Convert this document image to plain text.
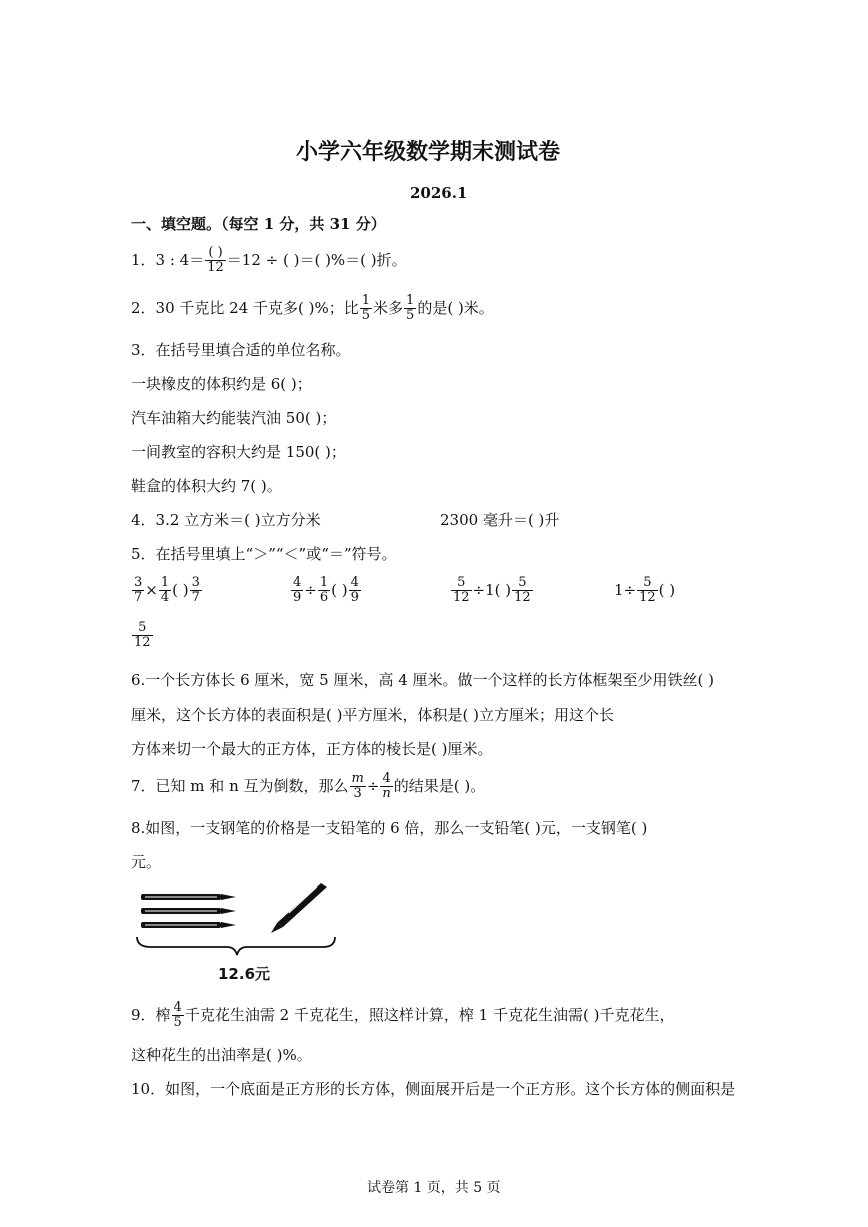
小学六年级数学期末测试卷
2026.1
一、填空题。（每空 1 分，共 31 分）
1．3 : $4= \frac{( )}{12} =12$ ÷ ( )＝( )%＝( )折。
2．30 千克比 24 千克多( )%；比 $\frac{1}{5}$ 米多 $\frac{1}{5}$ 的是( )米。
3．在括号里填合适的单位名称。
一块橡皮的体积约是 6( )；
汽车油箱大约能装汽油 50( )；
一间教室的容积大约是 150( )；
鞋盒的体积大约 7( )。
4．3.2 立方米＝( )立方分米	2300 毫升＝( )升
5．在括号里填上“＞”“＜”或“＝”符号。
$\frac{3}{7} \times \frac{1}{4}$ ( ) $\frac{3}{7}$	$\frac{4}{9} \div \frac{1}{6}$ ( ) $\frac{4}{9}$	$\frac{5}{12} \div 1$( ) $\frac{5}{12}$	$1\div \frac{5}{12}$ ( )
$\frac{5}{12}$
6.一个长方体长 6 厘米，宽 5 厘米，高 4 厘米。做一个这样的长方体框架至少用铁丝( )
厘米，这个长方体的表面积是( )平方厘米，体积是( )立方厘米；用这个长
方体来切一个最大的正方体，正方体的棱长是( )厘米。
7．已知 m 和 n 互为倒数，那么 $\frac{m}{3} \div \frac{4}{n}$ 的结果是( )。
8.如图，一支钢笔的价格是一支铅笔的 6 倍，那么一支铅笔( )元，一支钢笔( )
元。
12.6元
9．榨 $\frac{4}{5}$ 千克花生油需 2 千克花生，照这样计算，榨 1 千克花生油需( )千克花生，
这种花生的出油率是( )%。
10．如图，一个底面是正方形的长方体，侧面展开后是一个正方形。这个长方体的侧面积是
试卷第 1 页，共 5 页
